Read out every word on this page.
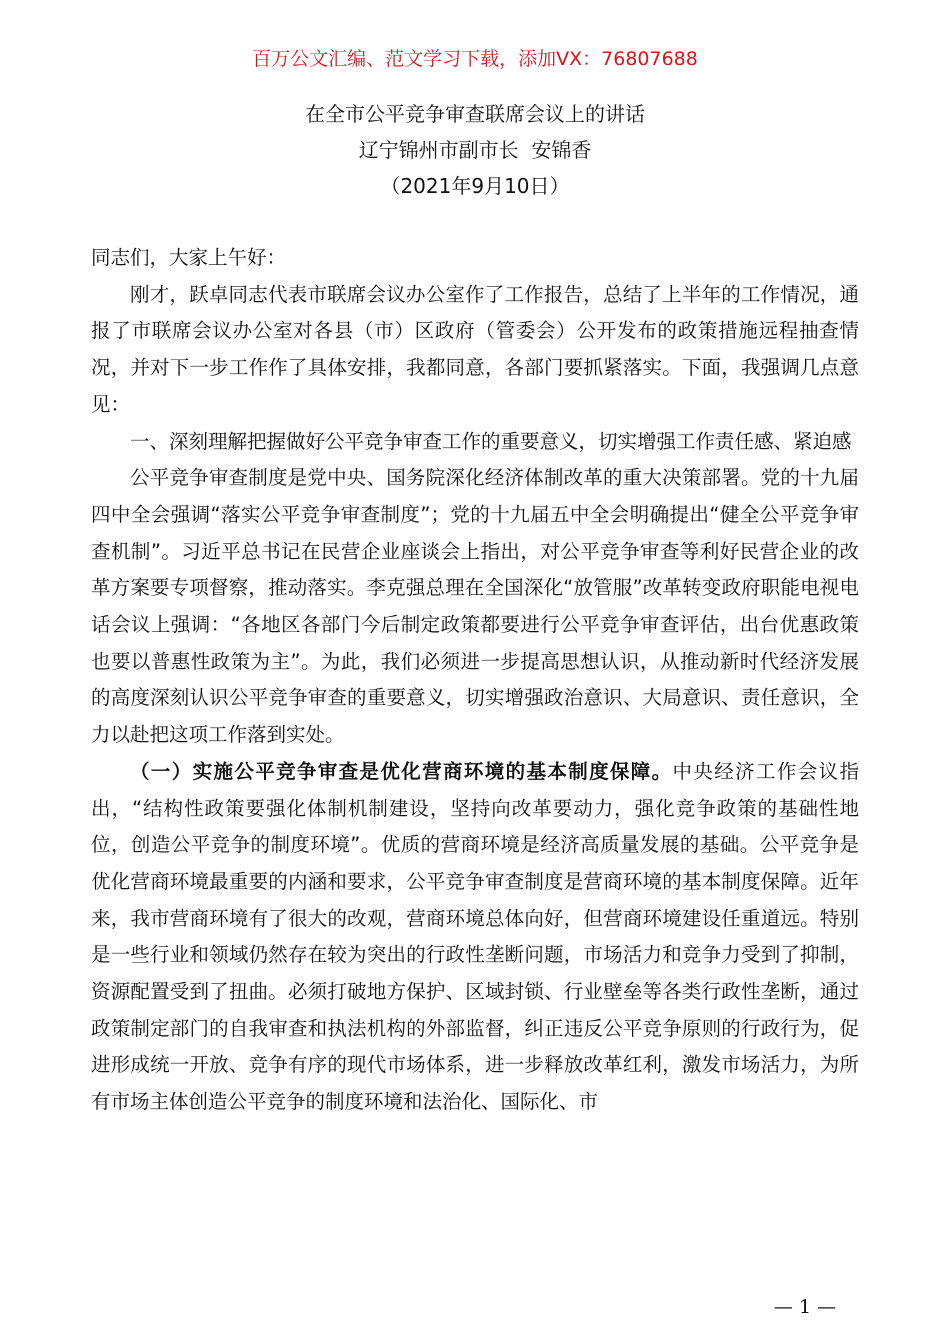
百万公文汇编、范文学习下载，添加VX：76807688
在全市公平竞争审查联席会议上的讲话
辽宁锦州市副市长  安锦香
（2021年9月10日）

同志们，大家上午好：

刚才，跃卓同志代表市联席会议办公室作了工作报告，总结了上半年的工作情况，通报了市联席会议办公室对各县（市）区政府（管委会）公开发布的政策措施远程抽查情况，并对下一步工作作了具体安排，我都同意，各部门要抓紧落实。下面，我强调几点意见：

一、深刻理解把握做好公平竞争审查工作的重要意义，切实增强工作责任感、紧迫感

公平竞争审查制度是党中央、国务院深化经济体制改革的重大决策部署。党的十九届四中全会强调“落实公平竞争审查制度”；党的十九届五中全会明确提出“健全公平竞争审查机制”。习近平总书记在民营企业座谈会上指出，对公平竞争审查等利好民营企业的改革方案要专项督察，推动落实。李克强总理在全国深化“放管服”改革转变政府职能电视电话会议上强调：“各地区各部门今后制定政策都要进行公平竞争审查评估，出台优惠政策也要以普惠性政策为主”。为此，我们必须进一步提高思想认识，从推动新时代经济发展的高度深刻认识公平竞争审查的重要意义，切实增强政治意识、大局意识、责任意识，全力以赴把这项工作落到实处。

（一）实施公平竞争审查是优化营商环境的基本制度保障。中央经济工作会议指出，“结构性政策要强化体制机制建设，坚持向改革要动力，强化竞争政策的基础性地位，创造公平竞争的制度环境”。优质的营商环境是经济高质量发展的基础。公平竞争是优化营商环境最重要的内涵和要求，公平竞争审查制度是营商环境的基本制度保障。近年来，我市营商环境有了很大的改观，营商环境总体向好，但营商环境建设任重道远。特别是一些行业和领域仍然存在较为突出的行政性垄断问题，市场活力和竞争力受到了抑制，资源配置受到了扭曲。必须打破地方保护、区域封锁、行业壁垒等各类行政性垄断，通过政策制定部门的自我审查和执法机构的外部监督，纠正违反公平竞争原则的行政行为，促进形成统一开放、竞争有序的现代市场体系，进一步释放改革红利，激发市场活力，为所有市场主体创造公平竞争的制度环境和法治化、国际化、市

— 1 —
